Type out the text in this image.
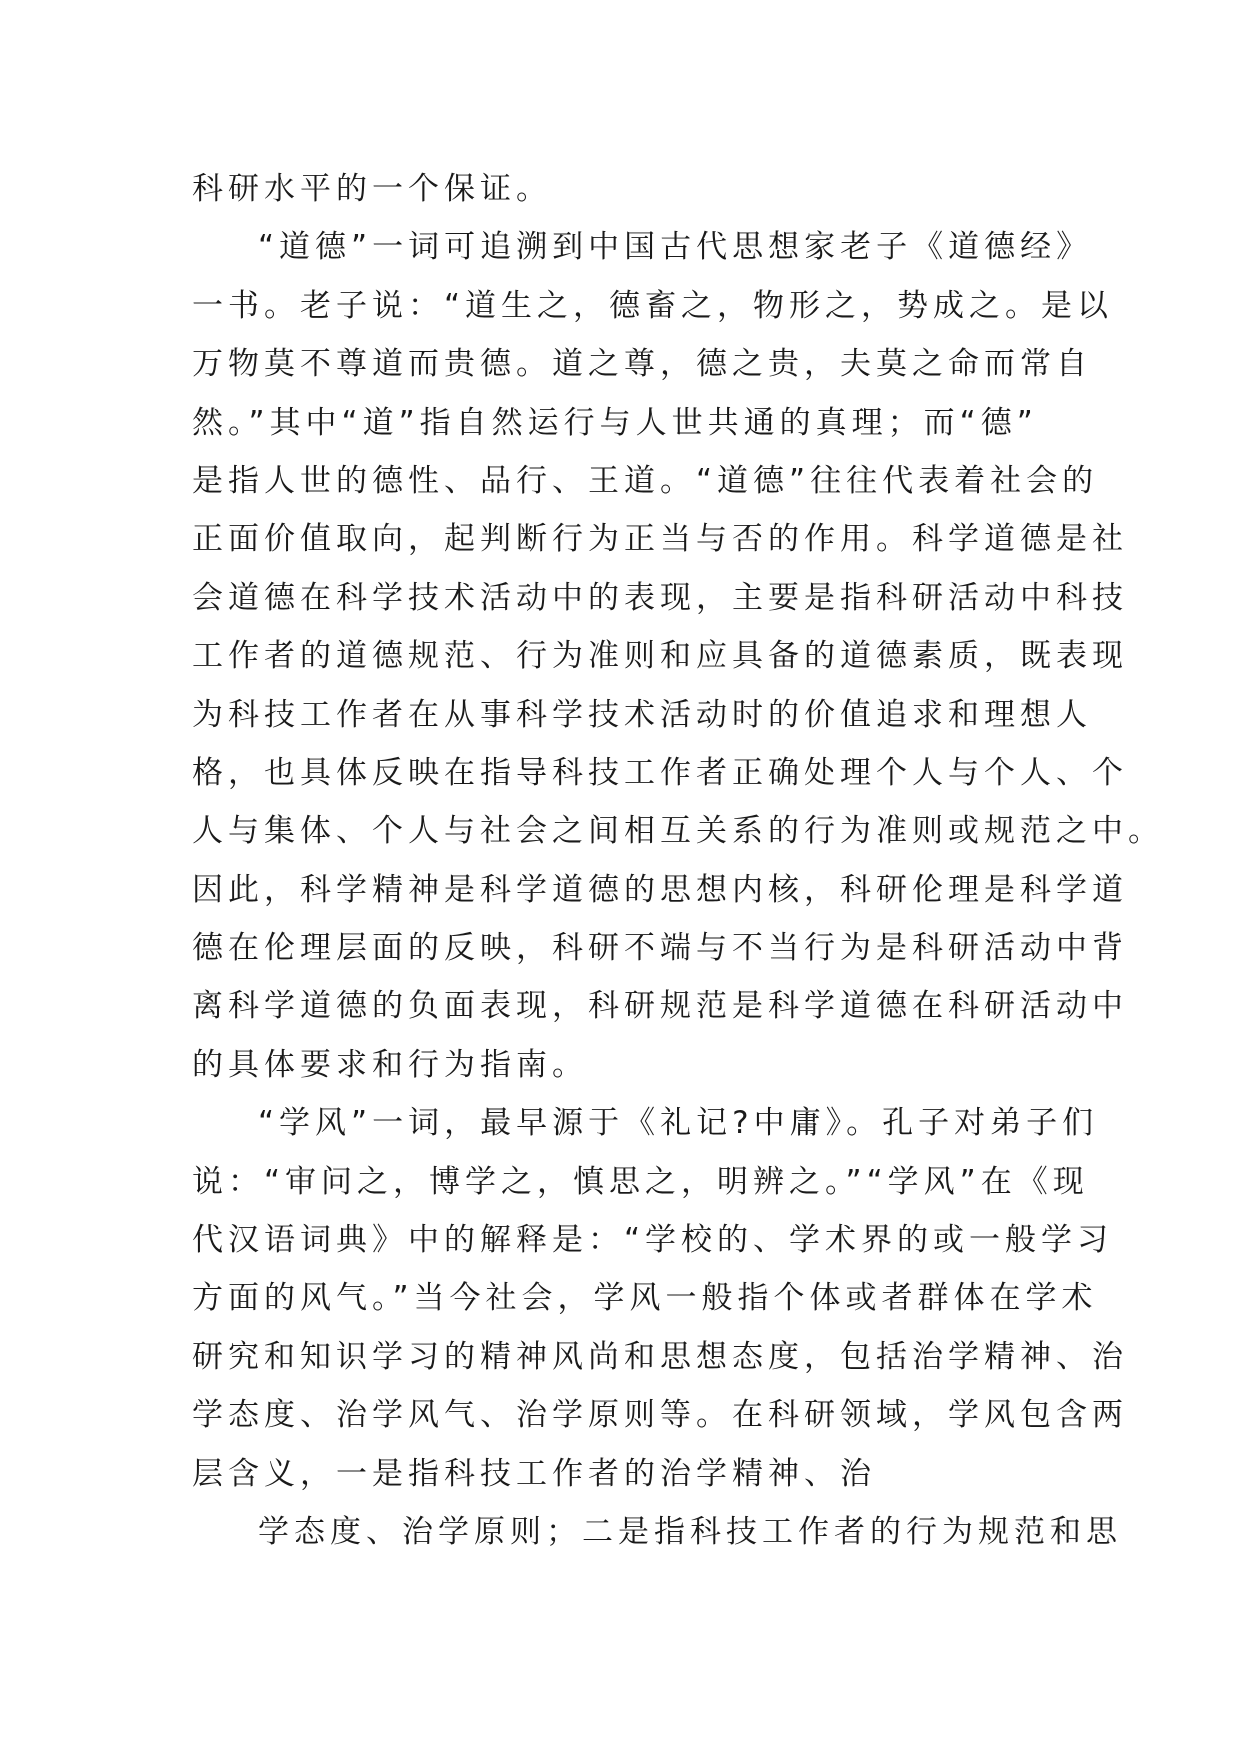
科研水平的一个保证。
“道德”一词可追溯到中国古代思想家老子《道德经》
一书。老子说：“道生之，德畜之，物形之，势成之。是以
万物莫不尊道而贵德。道之尊，德之贵，夫莫之命而常自
然。”其中“道”指自然运行与人世共通的真理；而“德”
是指人世的德性、品行、王道。“道德”往往代表着社会的
正面价值取向，起判断行为正当与否的作用。科学道德是社
会道德在科学技术活动中的表现，主要是指科研活动中科技
工作者的道德规范、行为准则和应具备的道德素质，既表现
为科技工作者在从事科学技术活动时的价值追求和理想人
格，也具体反映在指导科技工作者正确处理个人与个人、个
人与集体、个人与社会之间相互关系的行为准则或规范之中。
因此，科学精神是科学道德的思想内核，科研伦理是科学道
德在伦理层面的反映，科研不端与不当行为是科研活动中背
离科学道德的负面表现，科研规范是科学道德在科研活动中
的具体要求和行为指南。
“学风”一词，最早源于《礼记?中庸》。孔子对弟子们
说：“审问之，博学之，慎思之，明辨之。”“学风”在《现
代汉语词典》中的解释是：“学校的、学术界的或一般学习
方面的风气。”当今社会，学风一般指个体或者群体在学术
研究和知识学习的精神风尚和思想态度，包括治学精神、治
学态度、治学风气、治学原则等。在科研领域，学风包含两
层含义，一是指科技工作者的治学精神、治
学态度、治学原则；二是指科技工作者的行为规范和思
